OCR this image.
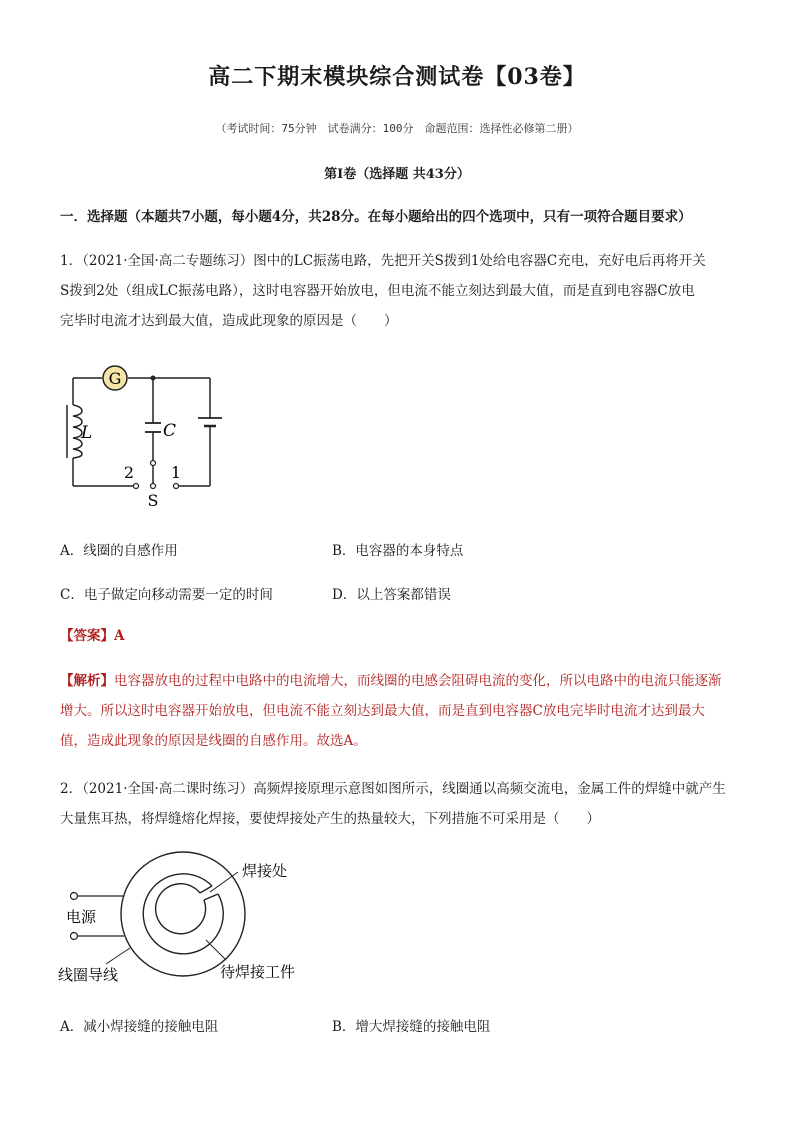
高二下期末模块综合测试卷【03卷】
（考试时间：75分钟　试卷满分：100分　命题范围：选择性必修第二册）
第Ⅰ卷（选择题 共43分）
一．选择题（本题共7小题，每小题4分，共28分。在每小题给出的四个选项中，只有一项符合题目要求）
1．（2021·全国·高二专题练习）图中的LC振荡电路，先把开关S拨到1处给电容器C充电，充好电后再将开关
S拨到2处（组成LC振荡电路），这时电容器开始放电，但电流不能立刻达到最大值，而是直到电容器C放电
完毕时电流才达到最大值，造成此现象的原因是（　　）
G
L
2
C
S
1
A．线圈的自感作用	B．电容器的本身特点
C．电子做定向移动需要一定的时间	D．以上答案都错误
【答案】A
【解析】电容器放电的过程中电路中的电流增大，而线圈的电感会阻碍电流的变化，所以电路中的电流只能逐渐
增大。所以这时电容器开始放电，但电流不能立刻达到最大值，而是直到电容器C放电完毕时电流才达到最大
值，造成此现象的原因是线圈的自感作用。故选A。
2．（2021·全国·高二课时练习）高频焊接原理示意图如图所示，线圈通以高频交流电，金属工件的焊缝中就产生
大量焦耳热，将焊缝熔化焊接，要使焊接处产生的热量较大，下列措施不可采用是（　　）
焊接处
电源
线圈导线	待焊接工件
A．减小焊接缝的接触电阻	B．增大焊接缝的接触电阻
